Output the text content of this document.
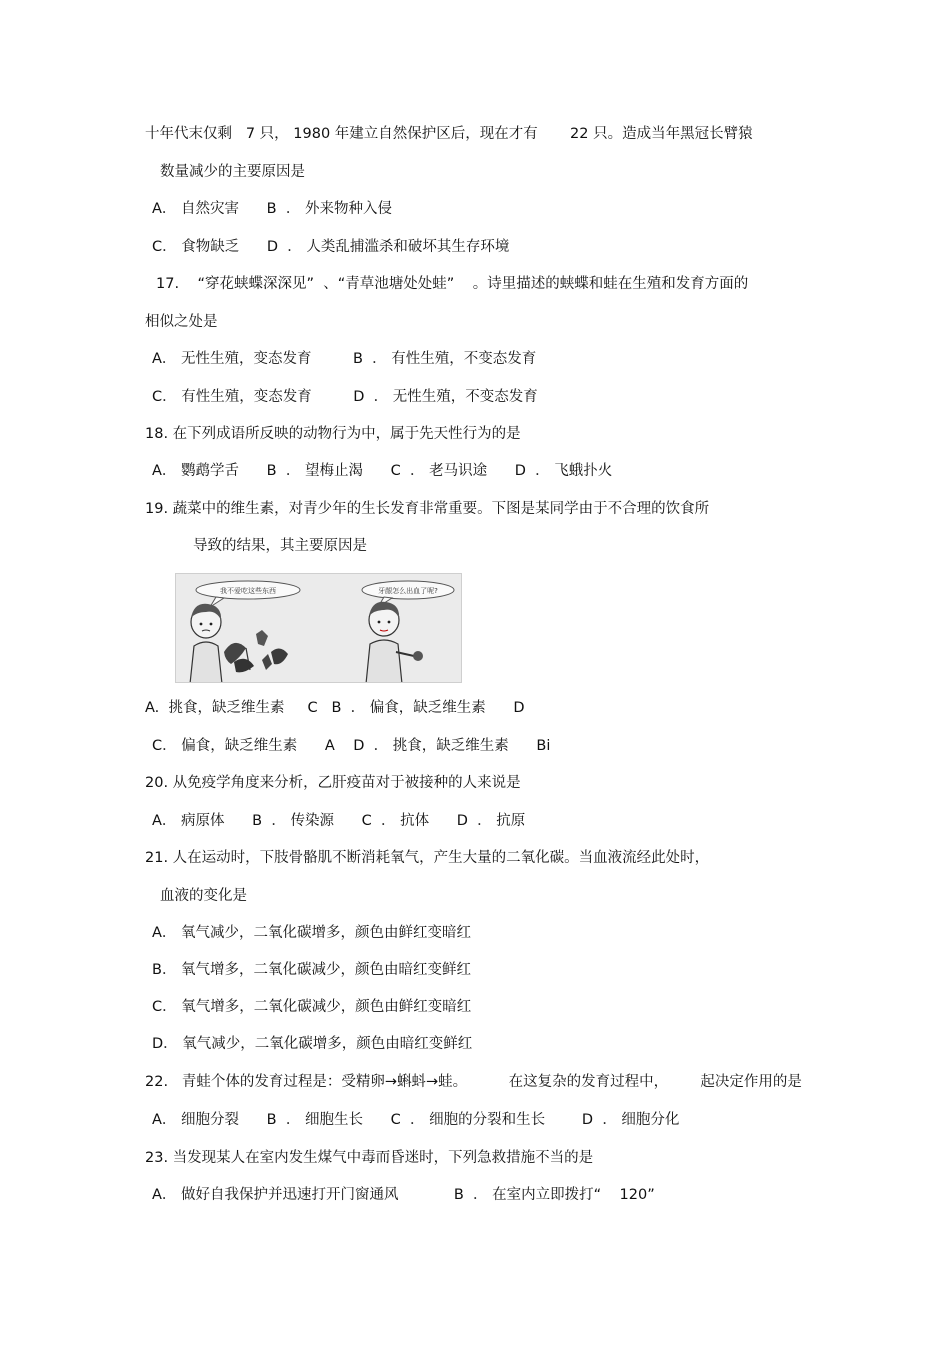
十年代末仅剩   7 只， 1980 年建立自然保护区后，现在才有       22 只。造成当年黑冠长臂猿
数量减少的主要原因是
A． 自然灾害      B  ． 外来物种入侵
C． 食物缺乏      D  ． 人类乱捕滥杀和破坏其生存环境
17.    “穿花蛱蝶深深见”  、“青草池塘处处蛙”    。诗里描述的蛱蝶和蛙在生殖和发育方面的
相似之处是
A． 无性生殖，变态发育         B  ． 有性生殖，不变态发育
C． 有性生殖，变态发育         D  ． 无性生殖，不变态发育
18. 在下列成语所反映的动物行为中，属于先天性行为的是
A． 鹦鹉学舌      B  ． 望梅止渴      C  ． 老马识途      D  ． 飞蛾扑火
19. 蔬菜中的维生素，对青少年的生长发育非常重要。下图是某同学由于不合理的饮食所
导致的结果，其主要原因是
我不爱吃这些东西	牙龈怎么出血了呢?
A.  挑食，缺乏维生素     C   B  ． 偏食，缺乏维生素      D
C． 偏食，缺乏维生素      A    D  ． 挑食，缺乏维生素      Bi
20. 从免疫学角度来分析，乙肝疫苗对于被接种的人来说是
A． 病原体      B  ． 传染源      C  ． 抗体      D  ． 抗原
21. 人在运动时，下肢骨骼肌不断消耗氧气，产生大量的二氧化碳。当血液流经此处时，
血液的变化是
A． 氧气减少，二氧化碳增多，颜色由鲜红变暗红
B． 氧气增多，二氧化碳减少，颜色由暗红变鲜红
C． 氧气增多，二氧化碳减少，颜色由鲜红变暗红
D． 氧气减少，二氧化碳增多，颜色由暗红变鲜红
22.   青蛙个体的发育过程是：受精卵→蝌蚪→蛙。         在这复杂的发育过程中，       起决定作用的是
A． 细胞分裂      B  ． 细胞生长      C  ． 细胞的分裂和生长        D  ． 细胞分化
23. 当发现某人在室内发生煤气中毒而昏迷时，下列急救措施不当的是
A． 做好自我保护并迅速打开门窗通风            B  ． 在室内立即拨打“    120”
